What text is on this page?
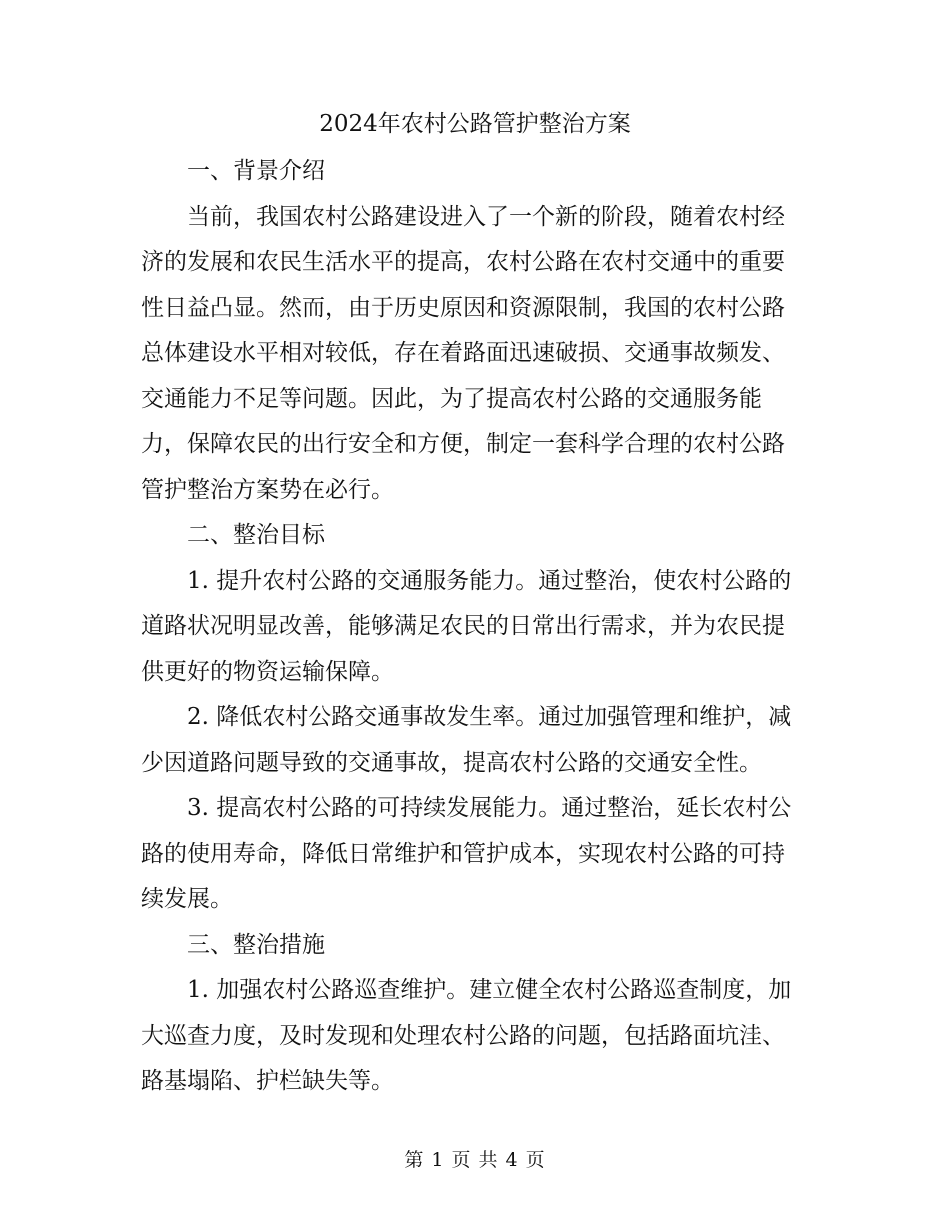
2024年农村公路管护整治方案

一、背景介绍

当前，我国农村公路建设进入了一个新的阶段，随着农村经
济的发展和农民生活水平的提高，农村公路在农村交通中的重要
性日益凸显。然而，由于历史原因和资源限制，我国的农村公路
总体建设水平相对较低，存在着路面迅速破损、交通事故频发、
交通能力不足等问题。因此，为了提高农村公路的交通服务能
力，保障农民的出行安全和方便，制定一套科学合理的农村公路
管护整治方案势在必行。

二、整治目标

1. 提升农村公路的交通服务能力。通过整治，使农村公路的
道路状况明显改善，能够满足农民的日常出行需求，并为农民提
供更好的物资运输保障。

2. 降低农村公路交通事故发生率。通过加强管理和维护，减
少因道路问题导致的交通事故，提高农村公路的交通安全性。

3. 提高农村公路的可持续发展能力。通过整治，延长农村公
路的使用寿命，降低日常维护和管护成本，实现农村公路的可持
续发展。

三、整治措施

1. 加强农村公路巡查维护。建立健全农村公路巡查制度，加
大巡查力度，及时发现和处理农村公路的问题，包括路面坑洼、
路基塌陷、护栏缺失等。

第 1 页 共 4 页
